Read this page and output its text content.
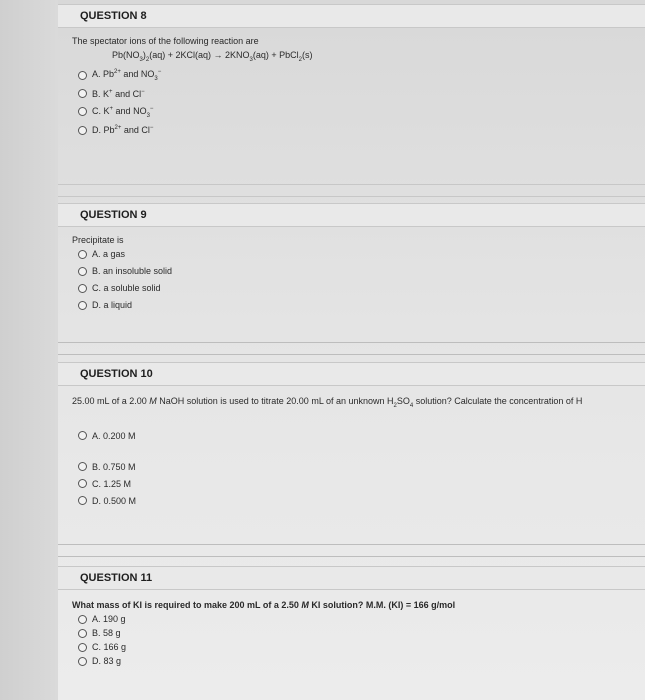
QUESTION 8
The spectator ions of the following reaction are
$Pb(NO_3)_2(aq) + 2KCl(aq) \to 2KNO_3(aq)$ + PbCl$_2$(s)
A. $Pb^{2+}$ and $NO_3^-$
B. K+ and Cl−
C. K+ and $NO_3^-$
D. $Pb^{2+}$ and Cl−
QUESTION 9
Precipitate is
A. a gas
B. an insoluble solid
C. a soluble solid
D. a liquid
QUESTION 10
25.00 mL of a 2.00 M NaOH solution is used to titrate 20.00 mL of an unknown $H_2SO_4$ solution? Calculate the concentration of H
A. 0.200 M
B. 0.750 M
C. 1.25 M
D. 0.500 M
QUESTION 11
What mass of KI is required to make 200 mL of a 2.50 M KI solution? M.M. (KI) = 166 g/mol
A. 190 g
B. 58 g
C. 166 g
D. 83 g
